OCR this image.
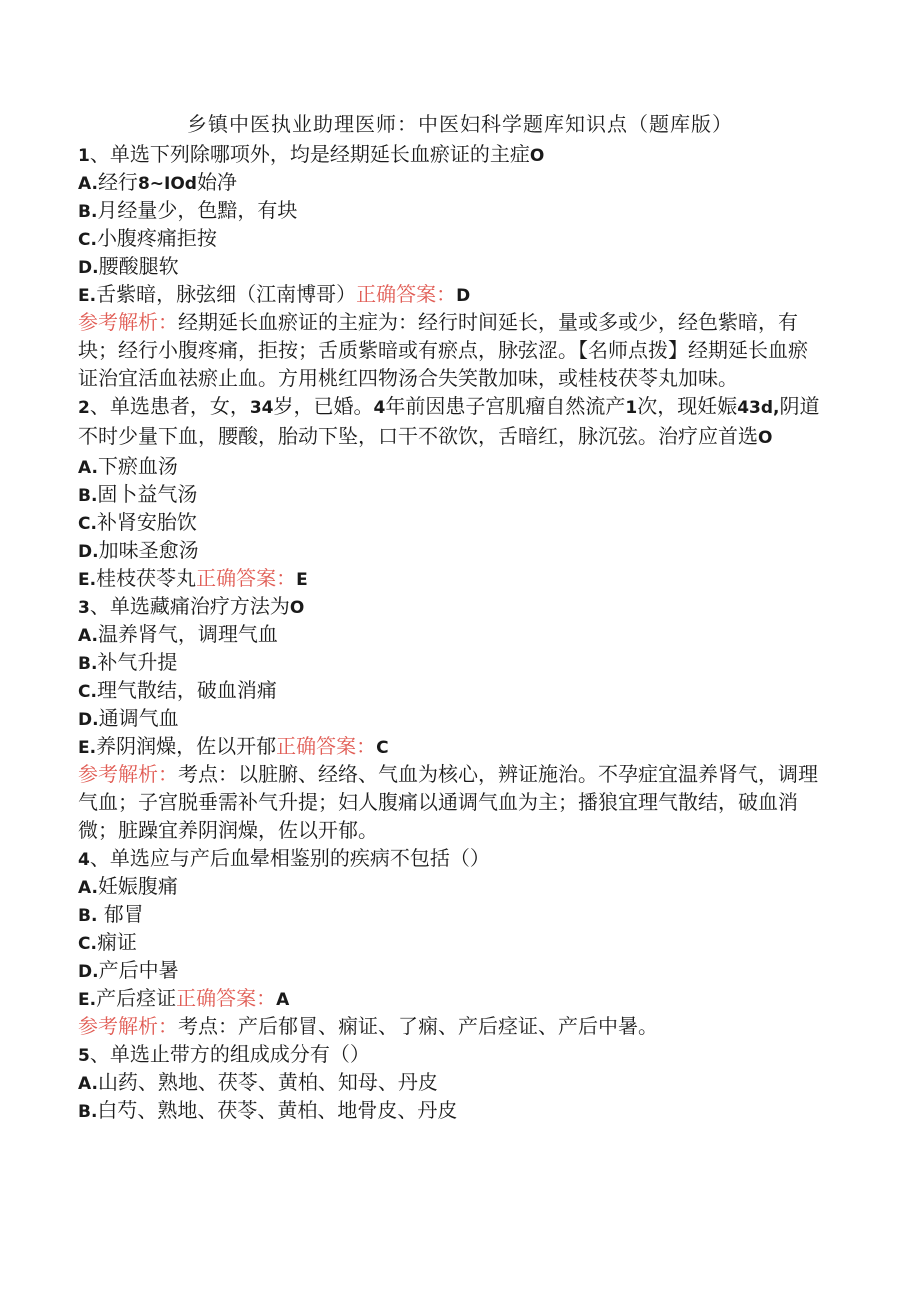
乡镇中医执业助理医师：中医妇科学题库知识点（题库版）
1、单选下列除哪项外，均是经期延长血瘀证的主症O
A.经行8~IOd始净
B.月经量少，色黯，有块
C.小腹疼痛拒按
D.腰酸腿软
E.舌紫暗，脉弦细（江南博哥）正确答案：D
参考解析：经期延长血瘀证的主症为：经行时间延长，量或多或少，经色紫暗，有块；经行小腹疼痛，拒按；舌质紫暗或有瘀点，脉弦涩。【名师点拨】经期延长血瘀证治宜活血祛瘀止血。方用桃红四物汤合失笑散加味，或桂枝茯苓丸加味。
2、单选患者，女，34岁，已婚。4年前因患子宫肌瘤自然流产1次，现妊娠43d,阴道不时少量下血，腰酸，胎动下坠，口干不欲饮，舌暗红，脉沉弦。治疗应首选O
A.下瘀血汤
B.固卜益气汤
C.补肾安胎饮
D.加味圣愈汤
E.桂枝茯苓丸正确答案：E
3、单选藏痛治疗方法为O
A.温养肾气，调理气血
B.补气升提
C.理气散结，破血消痛
D.通调气血
E.养阴润燥，佐以开郁正确答案：C
参考解析：考点：以脏腑、经络、气血为核心，辨证施治。不孕症宜温养肾气，调理气血；子宫脱垂需补气升提；妇人腹痛以通调气血为主；播狼宜理气散结，破血消微；脏躁宜养阴润燥，佐以开郁。
4、单选应与产后血晕相鉴别的疾病不包括（）
A.妊娠腹痛
B. 郁冒
C.痫证
D.产后中暑
E.产后痉证正确答案：A
参考解析：考点：产后郁冒、痫证、了痫、产后痉证、产后中暑。
5、单选止带方的组成成分有（）
A.山药、熟地、茯苓、黄柏、知母、丹皮
B.白芍、熟地、茯苓、黄柏、地骨皮、丹皮
